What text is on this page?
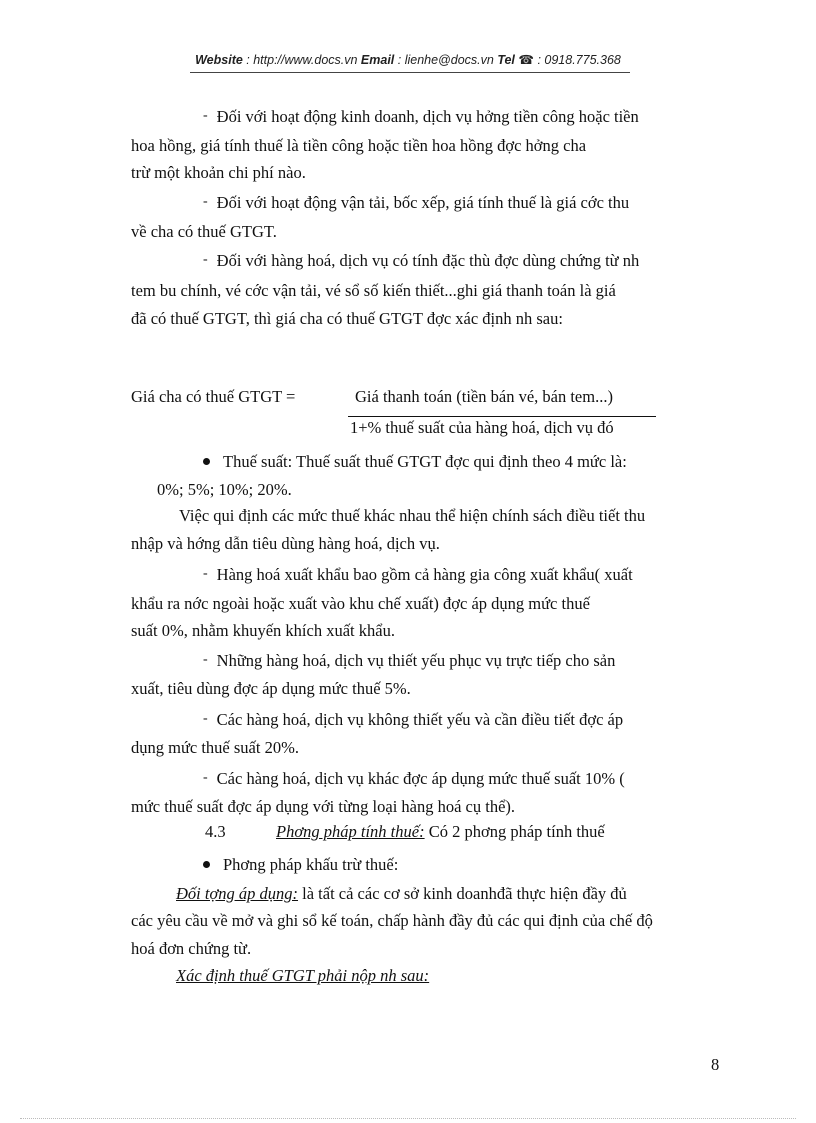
Website : http://www.docs.vn Email : lienhe@docs.vn Tel ☎ : 0918.775.368
- Đối với hoạt động kinh doanh, dịch vụ hởng tiền công hoặc tiền
hoa hồng, giá tính thuế là tiền công hoặc tiền hoa hồng đợc hởng cha
trừ một khoản chi phí nào.
- Đối với hoạt động vận tải, bốc xếp, giá tính thuế là giá cớc thu
về cha có thuế GTGT.
- Đối với hàng hoá, dịch vụ có tính đặc thù đợc dùng chứng từ nh
tem bu chính, vé cớc vận tải, vé sổ số kiến thiết...ghi giá thanh toán là giá
đã có thuế GTGT, thì giá cha có thuế GTGT đợc xác định nh sau:
Giá cha có thuế GTGT =	Giá thanh toán (tiền bán vé, bán tem...)
1+% thuế suất của hàng hoá, dịch vụ đó
Thuế suất: Thuế suất thuế GTGT đợc qui định theo 4 mức là:
0%; 5%; 10%; 20%.
Việc qui định các mức thuế khác nhau thể hiện chính sách điều tiết thu
nhập và hớng dẫn tiêu dùng hàng hoá, dịch vụ.
- Hàng hoá xuất khẩu bao gồm cả hàng gia công xuất khẩu( xuất
khẩu ra nớc ngoài hoặc xuất vào khu chế xuất) đợc áp dụng mức thuế
suất 0%, nhằm khuyến khích xuất khẩu.
- Những hàng hoá, dịch vụ thiết yếu phục vụ trực tiếp cho sản
xuất, tiêu dùng đợc áp dụng mức thuế 5%.
- Các hàng hoá, dịch vụ không thiết yếu và cần điều tiết đợc áp
dụng mức thuế suất 20%.
- Các hàng hoá, dịch vụ khác đợc áp dụng mức thuế suất 10% (
mức thuế suất đợc áp dụng với từng loại hàng hoá cụ thể).
4.3	Phơng pháp tính thuế: Có 2 phơng pháp tính thuế
Phơng pháp khấu trừ thuế:
Đối tợng áp dụng: là tất cả các cơ sở kinh doanhđã thực hiện đầy đủ
các yêu cầu về mở và ghi sổ kế toán, chấp hành đầy đủ các qui định của chế độ
hoá đơn chứng từ.
Xác định thuế GTGT phải nộp nh sau:
8
